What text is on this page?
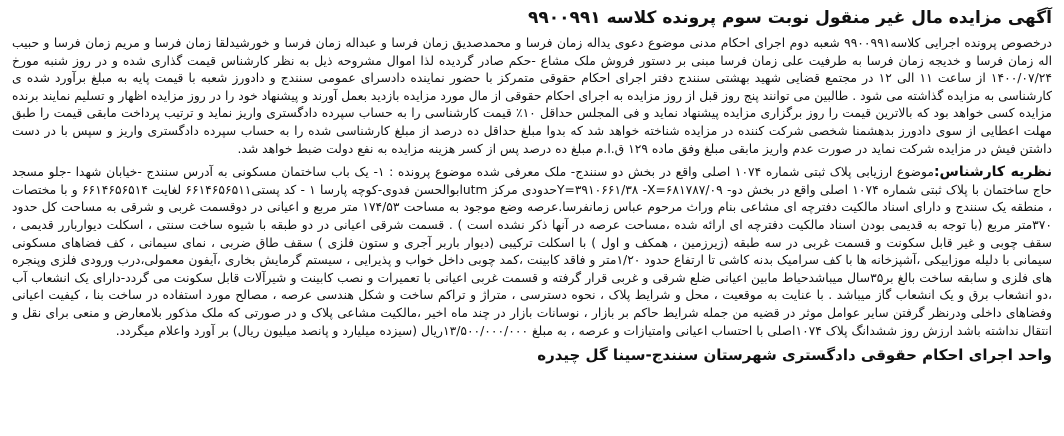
آگهی مزایده مال غیر منقول نوبت سوم پرونده کلاسه ۹۹۰۰۹۹۱

درخصوص پرونده اجرایی کلاسه۹۹۰۰۹۹۱ شعبه دوم اجرای احکام مدنی موضوع دعوی یداله زمان فرسا و محمدصدیق زمان فرسا و عبداله زمان فرسا و خورشیدلقا زمان فرسا و مریم زمان فرسا و حبیب اله زمان فرسا و خدیجه زمان فرسا به طرفیت علی زمان فرسا مبنی بر دستور فروش ملک مشاع -حکم صادر گردیده لذا اموال مشروحه ذیل به نظر کارشناس قیمت گذاری شده و در روز شنبه مورخ ۱۴۰۰/۰۷/۲۴ از ساعت ۱۱ الی ۱۲ در مجتمع قضایی شهید بهشتی سنندج دفتر اجرای احکام حقوقی متمرکز با حضور نماینده دادسرای عمومی سنندج و دادورز شعبه با قیمت پایه به مبلغ برآورد شده ی کارشناسی به مزایده گذاشته می شود . طالبین می توانند پنج روز قبل از روز مزایده به اجرای احکام حقوقی از مال مورد مزایده بازدید بعمل آورند و پیشنهاد خود را در روز مزایده اظهار و تسلیم نمایند برنده مزایده کسی خواهد بود که بالاترین قیمت را روز برگزاری مزایده پیشنهاد نماید و فی المجلس حداقل ۱۰٪ قیمت کارشناسی را به حساب سپرده دادگستری واریز نماید و ترتیب پرداخت مابقی قیمت را طبق مهلت اعطایی از سوی دادورز بدهشمنا شخصی شرکت کننده در مزایده شناخته خواهد شد که بدوا مبلغ حداقل ده درصد از مبلغ کارشناسی شده را به حساب سپرده دادگستری واریز و سپس با در دست داشتن فیش در مزایده شرکت نماید در صورت عدم واریز مابقی مبلغ وفق ماده ۱۲۹ ق.ا.م مبلغ ده درصد پس از کسر هزینه مزایده به نفع دولت ضبط خواهد شد.

نظریه کارشناس:موضوع ارزیابی پلاک ثبتی شماره ۱۰۷۴ اصلی واقع در بخش دو سنندج- ملک معرفی شده موضوع پرونده : ۱- یک باب ساختمان مسکونی به آدرس سنندج -خیابان شهدا -جلو مسجد حاج ساختمان با پلاک ثبتی شماره ۱۰۷۴ اصلی واقع در بخش دو- Y=۳۹۱۰۶۶۱/۳۸ -X=۶۸۱۷۸۷/۰۹حدودی مرکز utmابوالحسن فدوی-کوچه پارسا ۱ - کد پستی۶۶۱۴۶۵۶۵۱۱ لغایت ۶۶۱۴۶۵۶۵۱۴ و با مختصات ، منطقه یک سنندج و دارای اسناد مالکیت دفترچه ای مشاعی بنام وراث مرحوم عباس زمانفرسا.عرصه وضع موجود به مساحت ۱۷۴/۵۳ متر مربع و اعیانی در دوقسمت غربی و شرقی به مساحت کل حدود ۳۷۰متر مربع (با توجه به قدیمی بودن اسناد مالکیت دفترچه ای ارائه شده ،مساحت عرصه در آنها ذکر نشده است ) . قسمت شرقی اعیانی در دو طبقه با شیوه ساخت سنتی ، اسکلت دیواربارر قدیمی ، سقف چوبی و غیر قابل سکونت و قسمت غربی در سه طبقه (زیرزمین ، همکف و اول ) با اسکلت ترکیبی (دیوار باربر آجری و ستون فلزی ) سقف طاق ضربی ، نمای سیمانی ، کف فضاهای مسکونی سیمانی با دلیله موزاییکی ،آشپزخانه ها با کف سرامیک بدنه کاشی تا ارتفاع حدود ۱/۲۰متر و فاقد کابینت ،کمد چوبی داخل خواب و پذیرایی ، سیستم گرمایش بخاری ،آیفون معمولی،درب ورودی فلزی وپنجره های فلزی و سابقه ساخت بالغ بر۳۵سال میباشدحیاط مابین اعیانی ضلع شرقی و غربی قرار گرفته و قسمت غربی اعیانی با تعمیرات و نصب کابینت و شیرآلات قابل سکونت می گردد-دارای یک انشعاب آب ،دو انشعاب برق و یک انشعاب گاز میباشد . با عنایت به موقعیت ، محل و شرایط پلاک ، نحوه دسترسی ، متراژ و تراکم ساخت و شکل هندسی عرصه ، مصالح مورد استفاده در ساخت بنا ، کیفیت اعیانی وفضاهای داخلی ودرنظر گرفتن سایر عوامل موثر در قضیه من جمله شرایط حاکم بر بازار ، نوسانات بازار در چند ماه اخیر ،مالکیت مشاعی پلاک و در صورتی که ملک مذکور بلامعارض و منعی برای نقل و انتقال نداشته باشد ارزش روز ششدانگ پلاک ۱۰۷۴اصلی با احتساب اعیانی وامتیازات و عرصه ، به مبلغ ۱۳/۵۰۰/۰۰۰/۰۰۰ریال (سیزده میلیارد و پانصد میلیون ریال) بر آورد واعلام میگردد.

واحد اجرای احکام حقوقی دادگستری شهرستان سنندج-سینا گل چیدره
